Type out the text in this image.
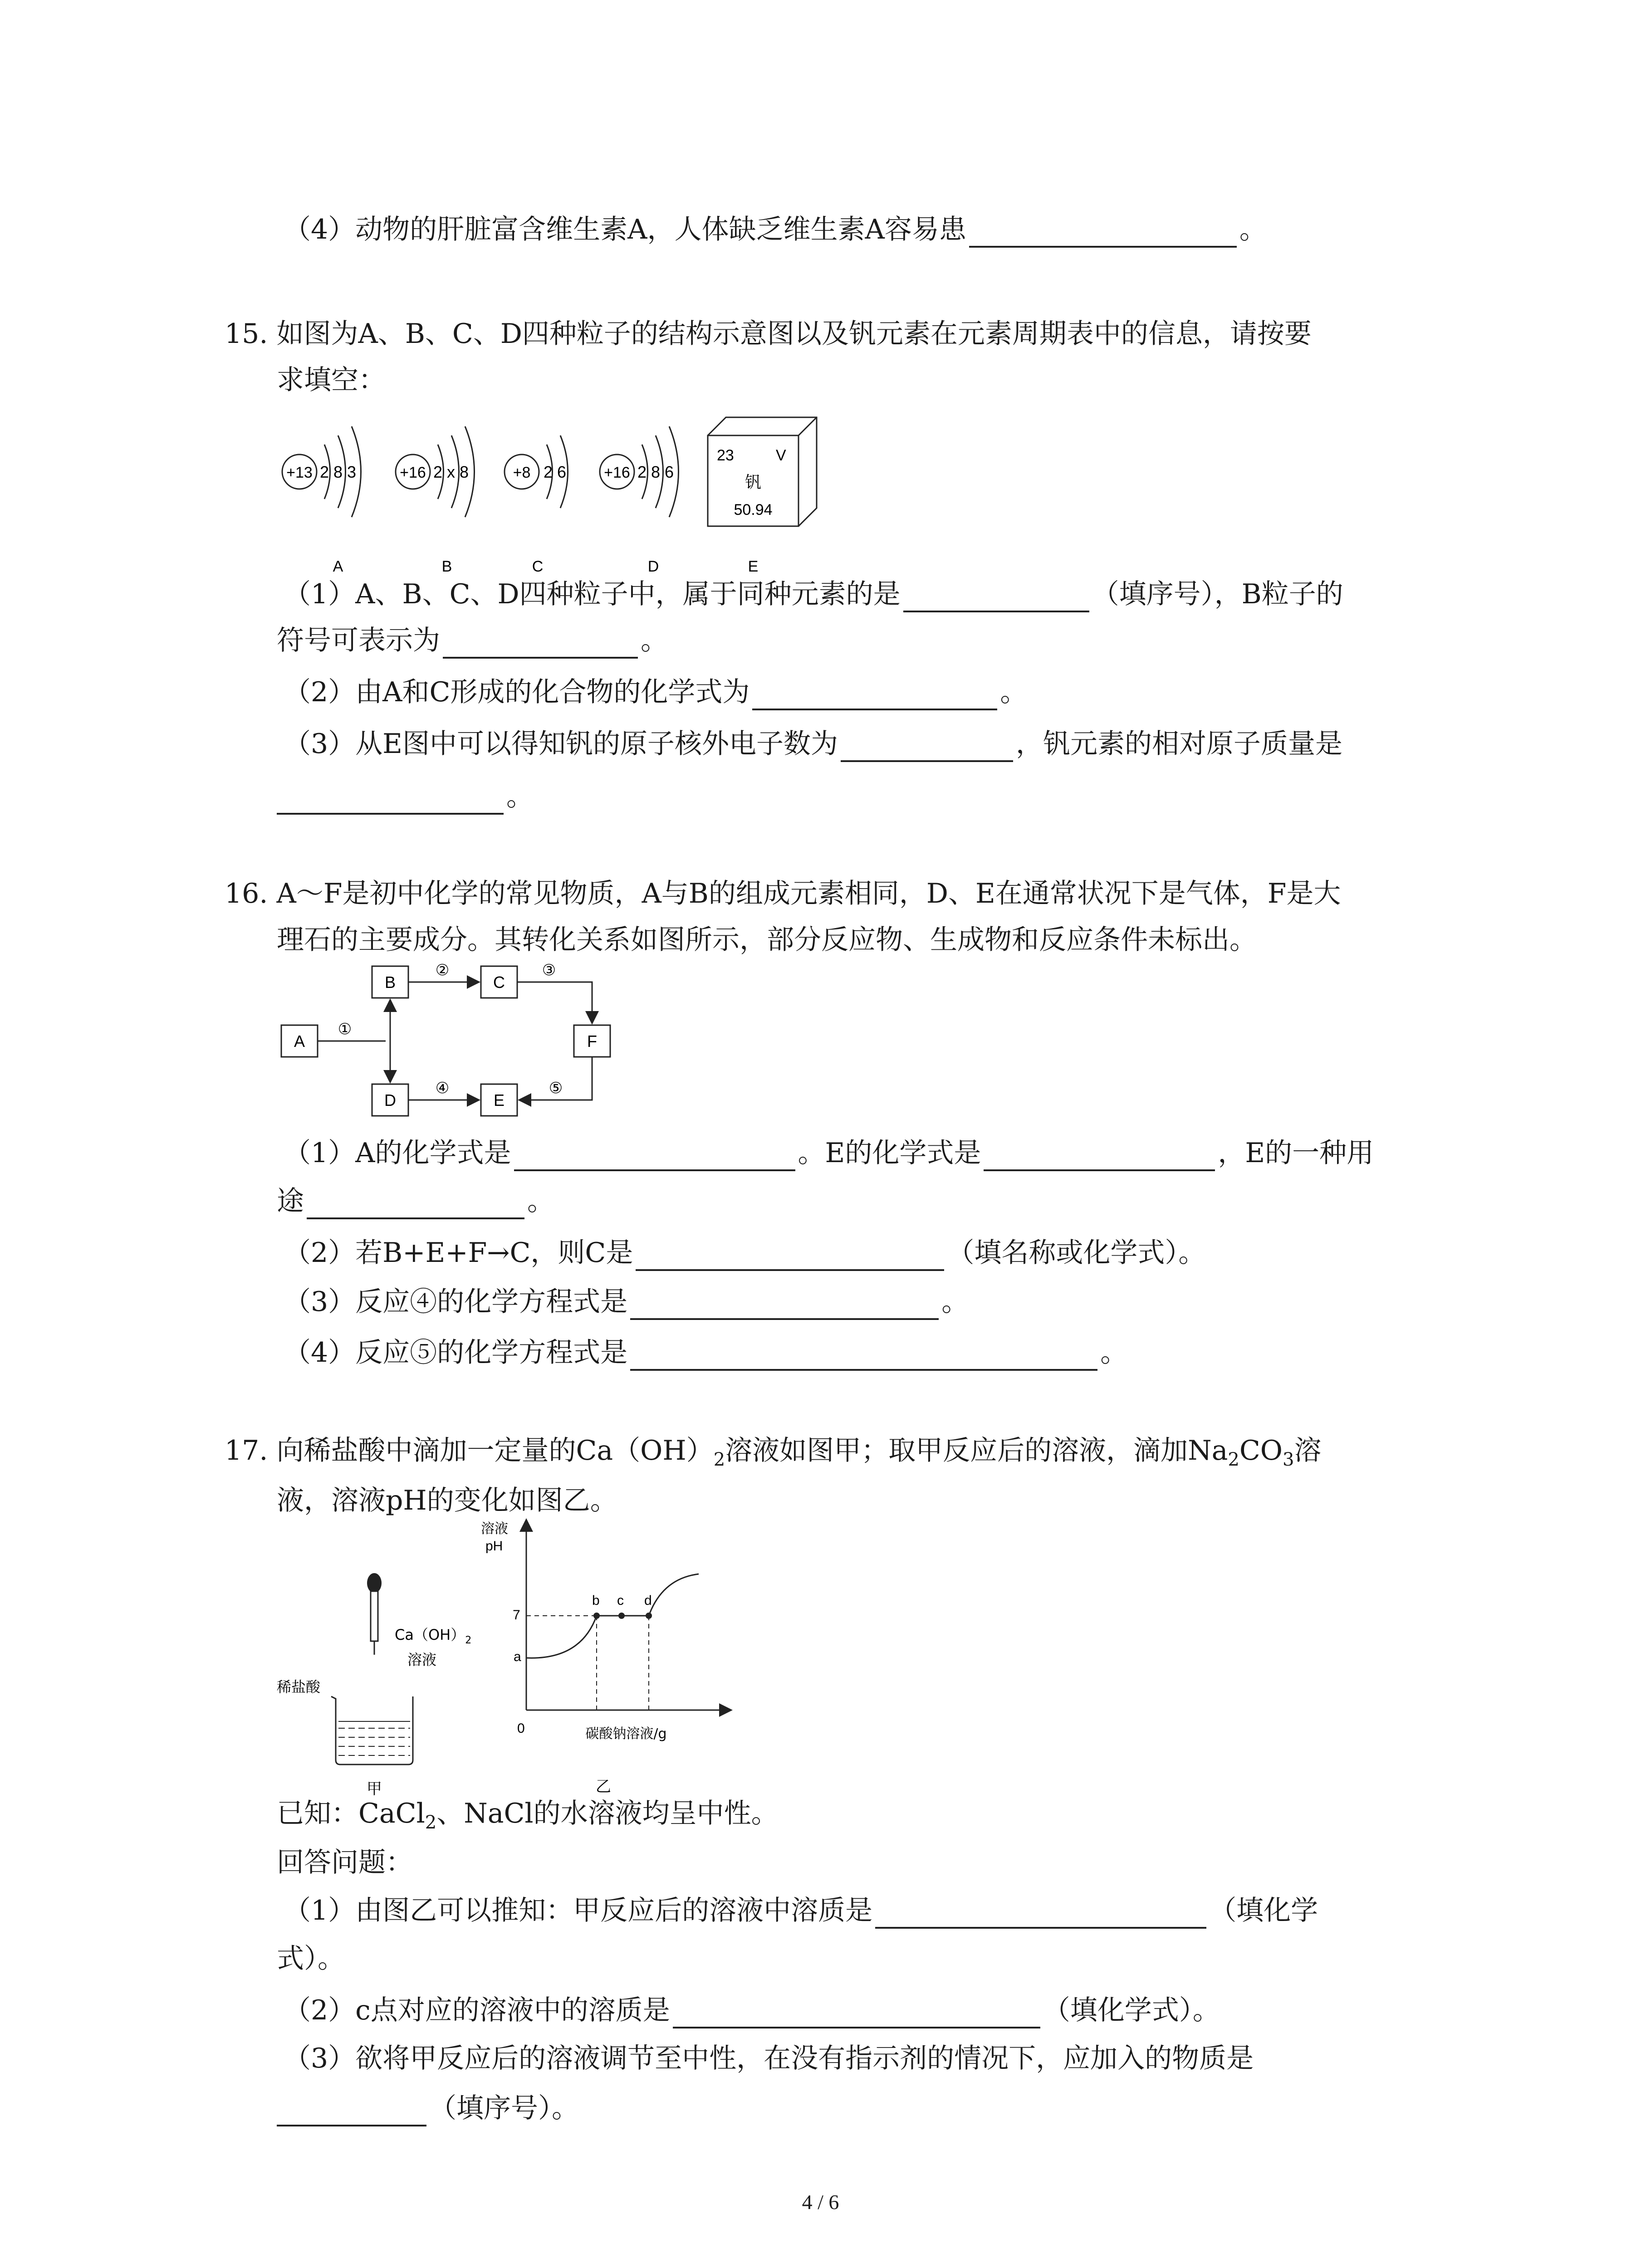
（4）动物的肝脏富含维生素A，人体缺乏维生素A容易患	。
15. 如图为A、B、C、D四种粒子的结构示意图以及钒元素在元素周期表中的信息，请按要
求填空：
+13 2 8 3
A
+16 2 x 8
B
+8 2 6
C
+16 2 8 6
D
23	V
钒
50.94
E
（1）A、B、C、D四种粒子中，属于同种元素的是	（填序号），B粒子的
符号可表示为	。
（2）由A和C形成的化合物的化学式为	。
（3）从E图中可以得知钒的原子核外电子数为	，钒元素的相对原子质量是
。
16. A～F是初中化学的常见物质，A与B的组成元素相同，D、E在通常状况下是气体，F是大
理石的主要成分。其转化关系如图所示，部分反应物、生成物和反应条件未标出。
A
B	C
F
D	E
①
②	③
④	⑤
（1）A的化学式是	。E的化学式是	，E的一种用
途	。
（2）若B+E+F→C，则C是	（填名称或化学式）。
（3）反应④的化学方程式是	。
（4）反应⑤的化学方程式是	。
17. 向稀盐酸中滴加一定量的$Ca(OH)_2$溶液如图甲；取甲反应后的溶液，滴加$Na_2CO_3$溶
液，溶液pH的变化如图乙。
$Ca(OH)_2$
溶液
稀盐酸
甲
溶液
pH
0
7
a
b c d
碳酸钠溶液/g
乙
已知：CaCl$_2$、NaCl的水溶液均呈中性。
回答问题：
（1）由图乙可以推知：甲反应后的溶液中溶质是	（填化学
式）。
（2）c点对应的溶液中的溶质是	（填化学式）。
（3）欲将甲反应后的溶液调节至中性，在没有指示剂的情况下，应加入的物质是
（填序号）。
4 / 6
